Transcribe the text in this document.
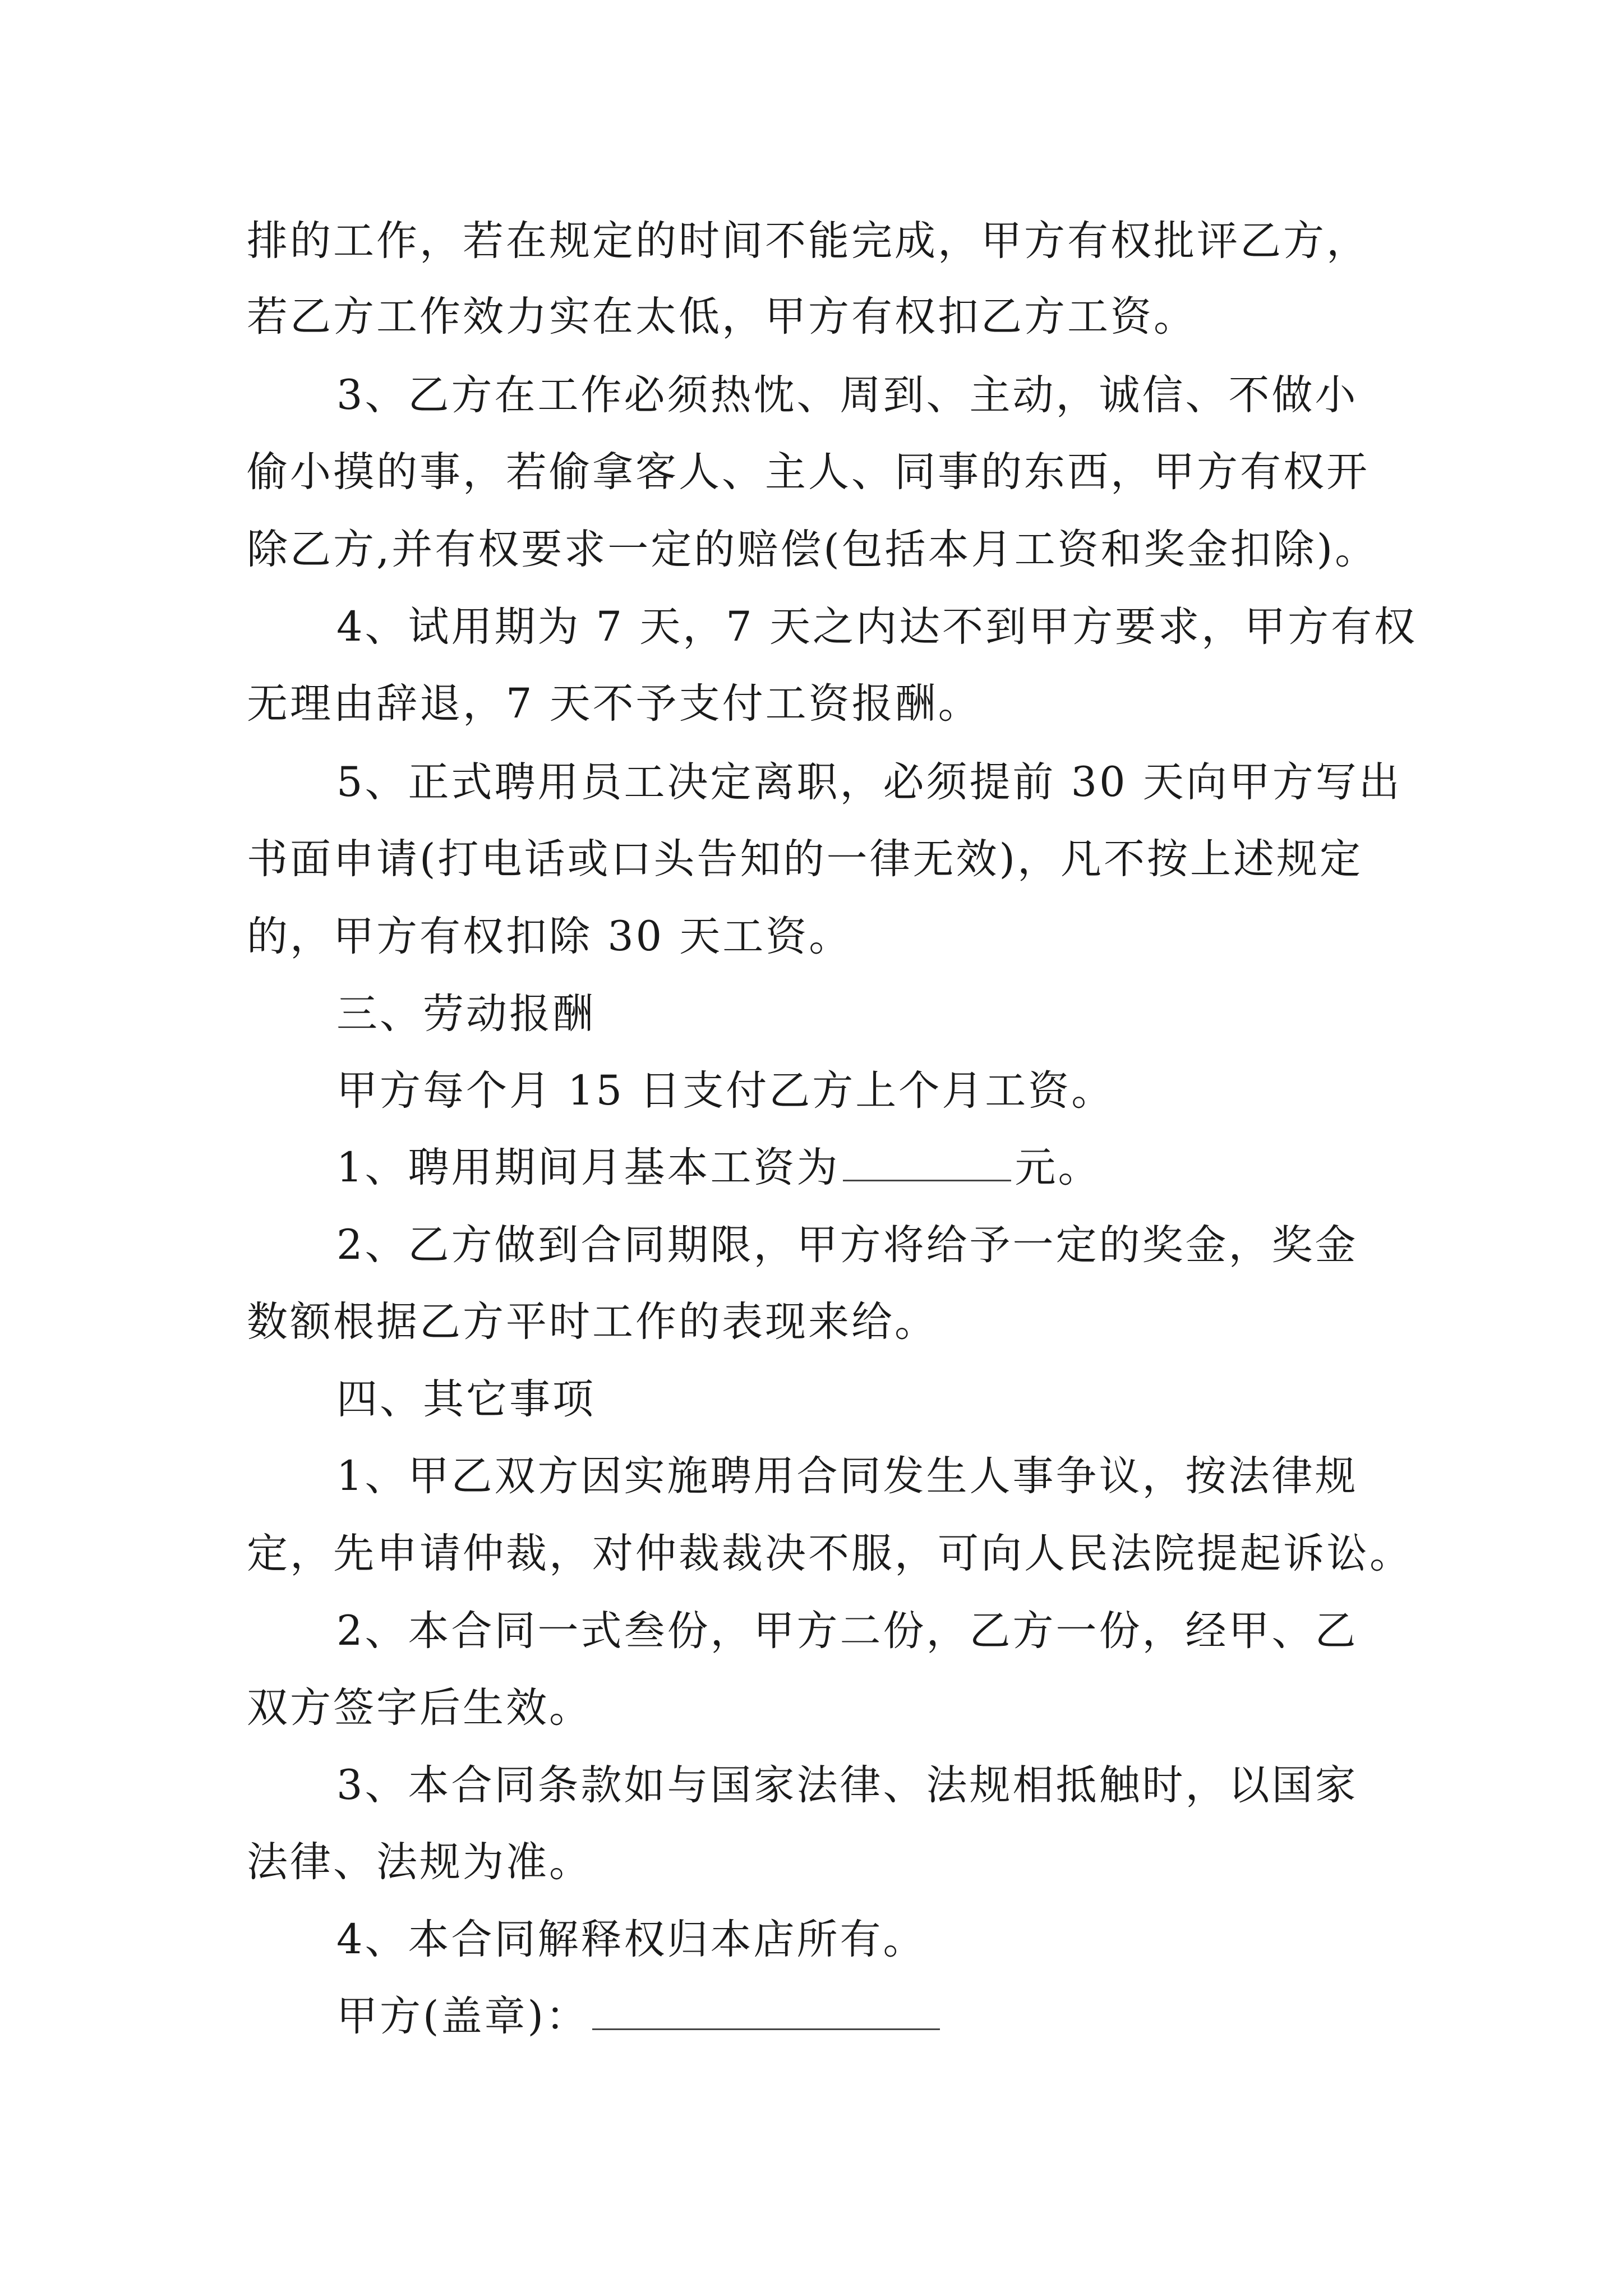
排的工作，若在规定的时间不能完成，甲方有权批评乙方，
若乙方工作效力实在太低，甲方有权扣乙方工资。
3、乙方在工作必须热忱、周到、主动，诚信、不做小
偷小摸的事，若偷拿客人、主人、同事的东西，甲方有权开
除乙方,并有权要求一定的赔偿(包括本月工资和奖金扣除)。
4、试用期为 7 天，7 天之内达不到甲方要求，甲方有权
无理由辞退，7 天不予支付工资报酬。
5、正式聘用员工决定离职，必须提前 30 天向甲方写出
书面申请(打电话或口头告知的一律无效)，凡不按上述规定
的，甲方有权扣除 30 天工资。
三、劳动报酬
甲方每个月 15 日支付乙方上个月工资。
1、聘用期间月基本工资为	元。
2、乙方做到合同期限，甲方将给予一定的奖金，奖金
数额根据乙方平时工作的表现来给。
四、其它事项
1、甲乙双方因实施聘用合同发生人事争议，按法律规
定，先申请仲裁，对仲裁裁决不服，可向人民法院提起诉讼。
2、本合同一式叁份，甲方二份，乙方一份，经甲、乙
双方签字后生效。
3、本合同条款如与国家法律、法规相抵触时，以国家
法律、法规为准。
4、本合同解释权归本店所有。
甲方(盖章)：
